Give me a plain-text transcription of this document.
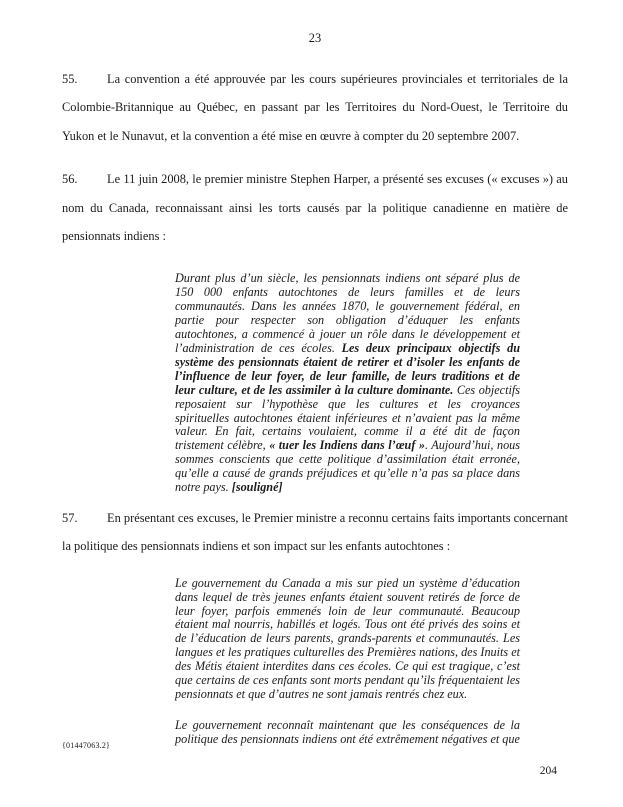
23

55. La convention a été approuvée par les cours supérieures provinciales et territoriales de la Colombie-Britannique au Québec, en passant par les Territoires du Nord-Ouest, le Territoire du Yukon et le Nunavut, et la convention a été mise en œuvre à compter du 20 septembre 2007.

56. Le 11 juin 2008, le premier ministre Stephen Harper, a présenté ses excuses (« excuses ») au nom du Canada, reconnaissant ainsi les torts causés par la politique canadienne en matière de pensionnats indiens :

Durant plus d’un siècle, les pensionnats indiens ont séparé plus de 150 000 enfants autochtones de leurs familles et de leurs communautés. Dans les années 1870, le gouvernement fédéral, en partie pour respecter son obligation d’éduquer les enfants autochtones, a commencé à jouer un rôle dans le développement et l’administration de ces écoles. Les deux principaux objectifs du système des pensionnats étaient de retirer et d’isoler les enfants de l’influence de leur foyer, de leur famille, de leurs traditions et de leur culture, et de les assimiler à la culture dominante. Ces objectifs reposaient sur l’hypothèse que les cultures et les croyances spirituelles autochtones étaient inférieures et n’avaient pas la même valeur. En fait, certains voulaient, comme il a été dit de façon tristement célèbre, « tuer les Indiens dans l’œuf ». Aujourd’hui, nous sommes conscients que cette politique d’assimilation était erronée, qu’elle a causé de grands préjudices et qu’elle n’a pas sa place dans notre pays. [souligné]

57. En présentant ces excuses, le Premier ministre a reconnu certains faits importants concernant la politique des pensionnats indiens et son impact sur les enfants autochtones :

Le gouvernement du Canada a mis sur pied un système d’éducation dans lequel de très jeunes enfants étaient souvent retirés de force de leur foyer, parfois emmenés loin de leur communauté. Beaucoup étaient mal nourris, habillés et logés. Tous ont été privés des soins et de l’éducation de leurs parents, grands-parents et communautés. Les langues et les pratiques culturelles des Premières nations, des Inuits et des Métis étaient interdites dans ces écoles. Ce qui est tragique, c’est que certains de ces enfants sont morts pendant qu’ils fréquentaient les pensionnats et que d’autres ne sont jamais rentrés chez eux.
Le gouvernement reconnaît maintenant que les conséquences de la politique des pensionnats indiens ont été extrêmement négatives et que
{01447063.2}
204
